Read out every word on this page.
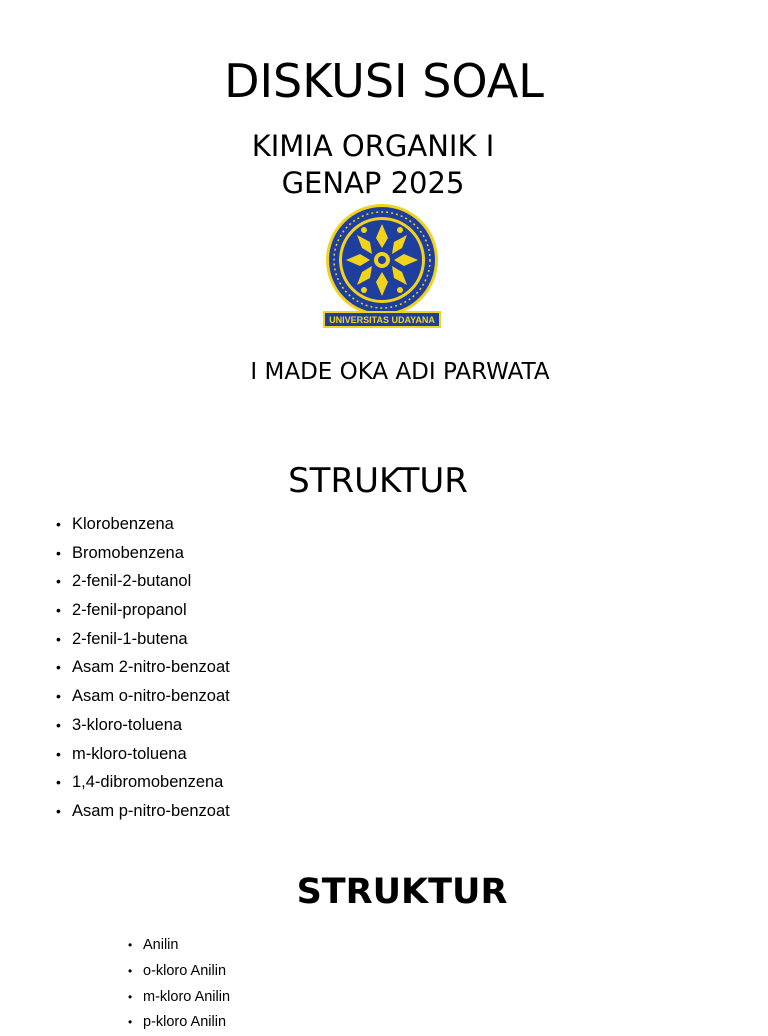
DISKUSI SOAL
KIMIA ORGANIK I
GENAP 2025
UNIVERSITAS UDAYANA
I MADE OKA ADI PARWATA
STRUKTUR
• Klorobenzena
• Bromobenzena
• 2-fenil-2-butanol
• 2-fenil-propanol
• 2-fenil-1-butena
• Asam 2-nitro-benzoat
• Asam o-nitro-benzoat
• 3-kloro-toluena
• m-kloro-toluena
• 1,4-dibromobenzena
• Asam p-nitro-benzoat
STRUKTUR
• Anilin
• o-kloro Anilin
• m-kloro Anilin
• p-kloro Anilin
